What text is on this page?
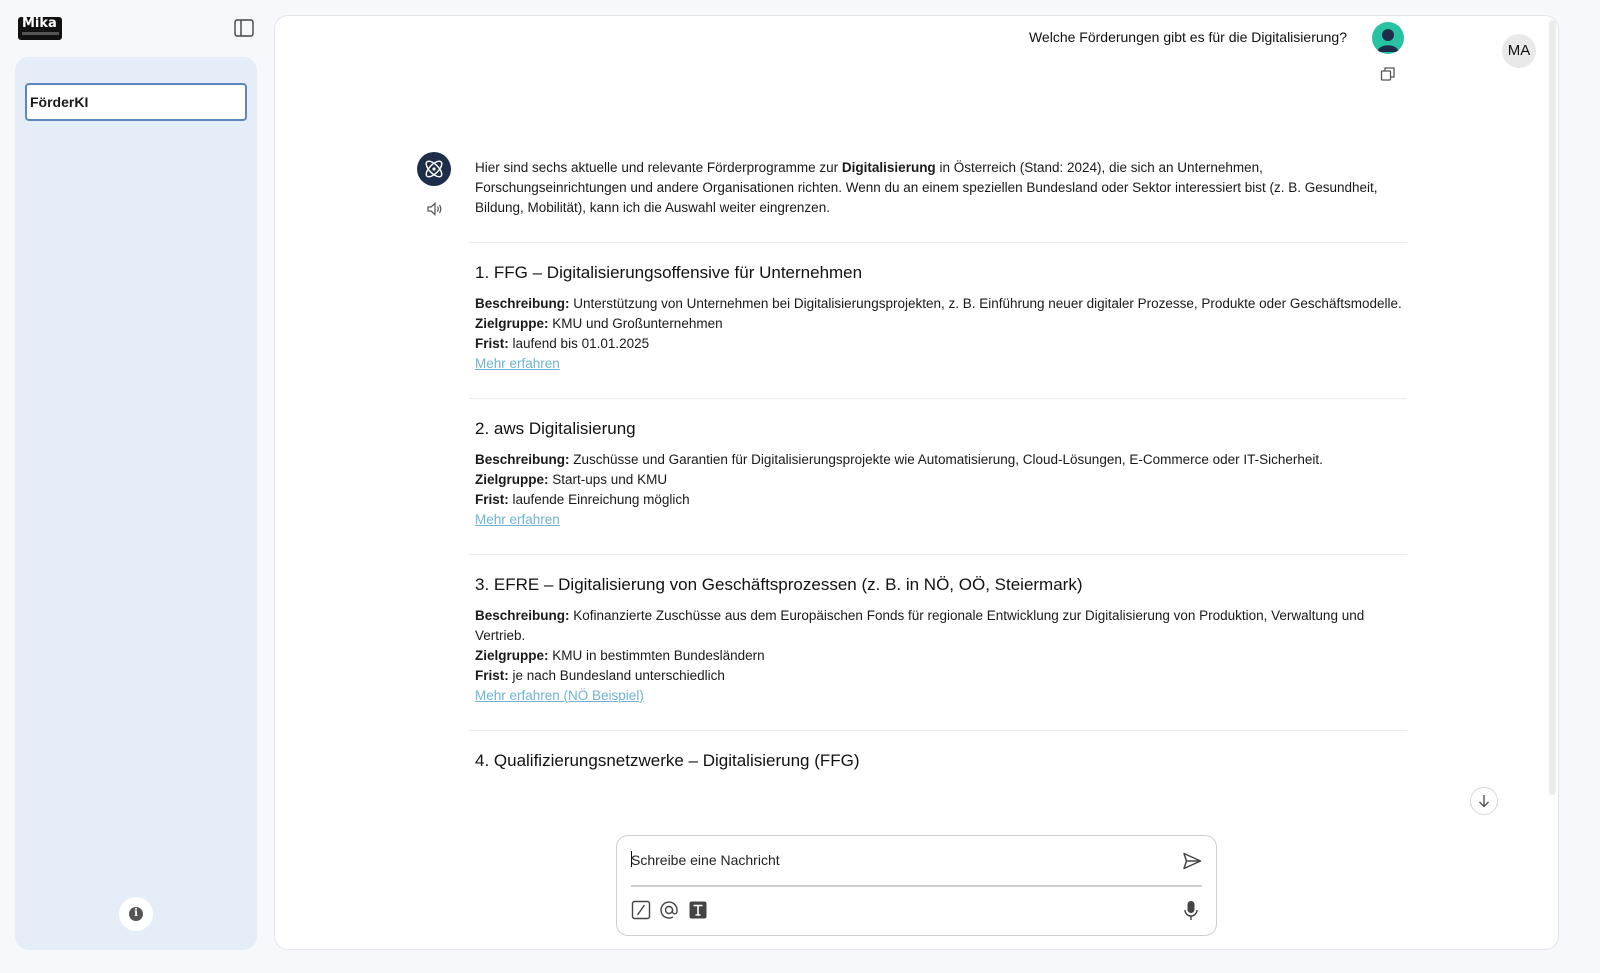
Mika
FörderKI
i
Welche Förderungen gibt es für die Digitalisierung?
MA

Hier sind sechs aktuelle und relevante Förderprogramme zur Digitalisierung in Österreich (Stand: 2024), die sich an Unternehmen, Forschungseinrichtungen und andere Organisationen richten. Wenn du an einem speziellen Bundesland oder Sektor interessiert bist (z. B. Gesundheit, Bildung, Mobilität), kann ich die Auswahl weiter eingrenzen.

1. FFG – Digitalisierungsoffensive für Unternehmen

Beschreibung: Unterstützung von Unternehmen bei Digitalisierungsprojekten, z. B. Einführung neuer digitaler Prozesse, Produkte oder Geschäftsmodelle.

Zielgruppe: KMU und Großunternehmen

Frist: laufend bis 01.01.2025

Mehr erfahren
2. aws Digitalisierung

Beschreibung: Zuschüsse und Garantien für Digitalisierungsprojekte wie Automatisierung, Cloud-Lösungen, E-Commerce oder IT-Sicherheit.

Zielgruppe: Start-ups und KMU

Frist: laufende Einreichung möglich

Mehr erfahren
3. EFRE – Digitalisierung von Geschäftsprozessen (z. B. in NÖ, OÖ, Steiermark)

Beschreibung: Kofinanzierte Zuschüsse aus dem Europäischen Fonds für regionale Entwicklung zur Digitalisierung von Produktion, Verwaltung und Vertrieb.

Zielgruppe: KMU in bestimmten Bundesländern

Frist: je nach Bundesland unterschiedlich

Mehr erfahren (NÖ Beispiel)
4. Qualifizierungsnetzwerke – Digitalisierung (FFG)
Schreibe eine Nachricht
